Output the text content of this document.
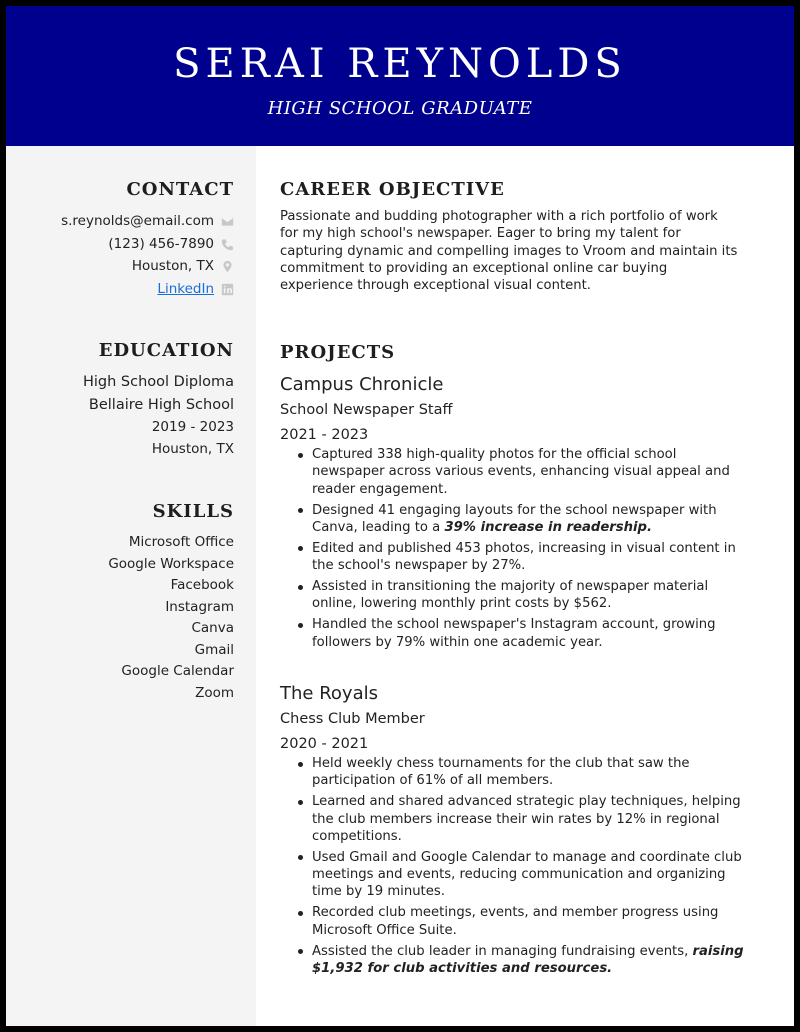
SERAI REYNOLDS
HIGH SCHOOL GRADUATE
CONTACT
s.reynolds@email.com
(123) 456-7890
Houston, TX
LinkedIn
EDUCATION
High School Diploma
Bellaire High School
2019 - 2023
Houston, TX
SKILLS
Microsoft Office
Google Workspace
Facebook
Instagram
Canva
Gmail
Google Calendar
Zoom
CAREER OBJECTIVE
Passionate and budding photographer with a rich portfolio of work for my high school's newspaper. Eager to bring my talent for capturing dynamic and compelling images to Vroom and maintain its commitment to providing an exceptional online car buying experience through exceptional visual content.
PROJECTS
Campus Chronicle
School Newspaper Staff
2021 - 2023
Captured 338 high-quality photos for the official school newspaper across various events, enhancing visual appeal and reader engagement.
Designed 41 engaging layouts for the school newspaper with Canva, leading to a 39% increase in readership.
Edited and published 453 photos, increasing in visual content in the school's newspaper by 27%.
Assisted in transitioning the majority of newspaper material online, lowering monthly print costs by $562.
Handled the school newspaper's Instagram account, growing followers by 79% within one academic year.
The Royals
Chess Club Member
2020 - 2021
Held weekly chess tournaments for the club that saw the participation of 61% of all members.
Learned and shared advanced strategic play techniques, helping the club members increase their win rates by 12% in regional competitions.
Used Gmail and Google Calendar to manage and coordinate club meetings and events, reducing communication and organizing time by 19 minutes.
Recorded club meetings, events, and member progress using Microsoft Office Suite.
Assisted the club leader in managing fundraising events, raising $1,932 for club activities and resources.
